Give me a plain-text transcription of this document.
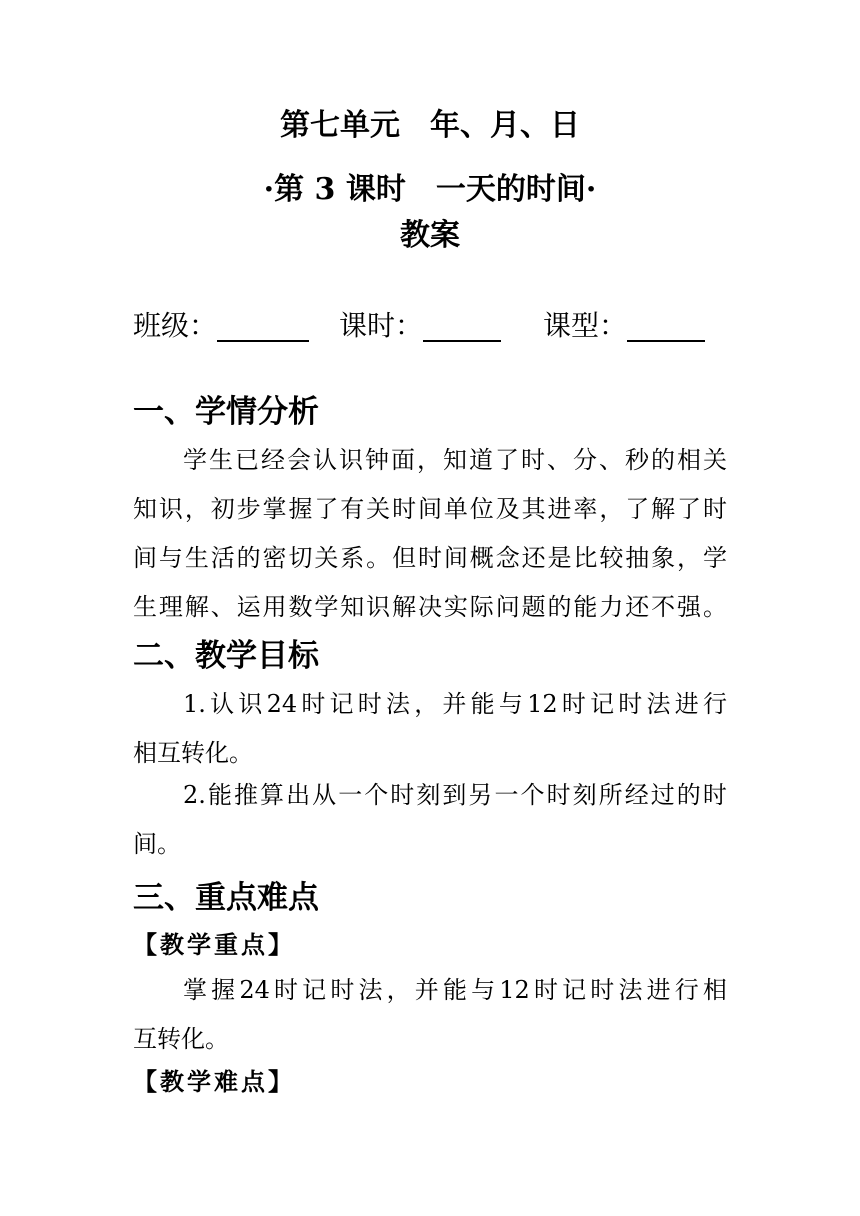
第七单元　年、月、日
·第 3 课时　一天的时间·
教案
班级：	课时：	课型：
一、学情分析
学 生 已 经 会 认 识 钟 面 ， 知 道 了 时 、 分 、 秒 的 相 关
知 识 ， 初 步 掌 握 了 有 关 时 间 单 位 及 其 进 率 ， 了 解 了 时
间 与 生 活 的 密 切 关 系 。 但 时 间 概 念 还 是 比 较 抽 象 ， 学
生 理 解 、 运 用 数 学 知 识 解 决 实 际 问 题 的 能 力 还 不 强 。
二、教学目标
1. 认 识 24 时 记 时 法 ， 并 能 与 12 时 记 时 法 进 行
相互转化。
2. 能 推 算 出 从 一 个 时 刻 到 另 一 个 时 刻 所 经 过 的 时
间。
三、重点难点
【教学重点】
掌 握 24 时 记 时 法 ， 并 能 与 12 时 记 时 法 进 行 相
互转化。
【教学难点】
